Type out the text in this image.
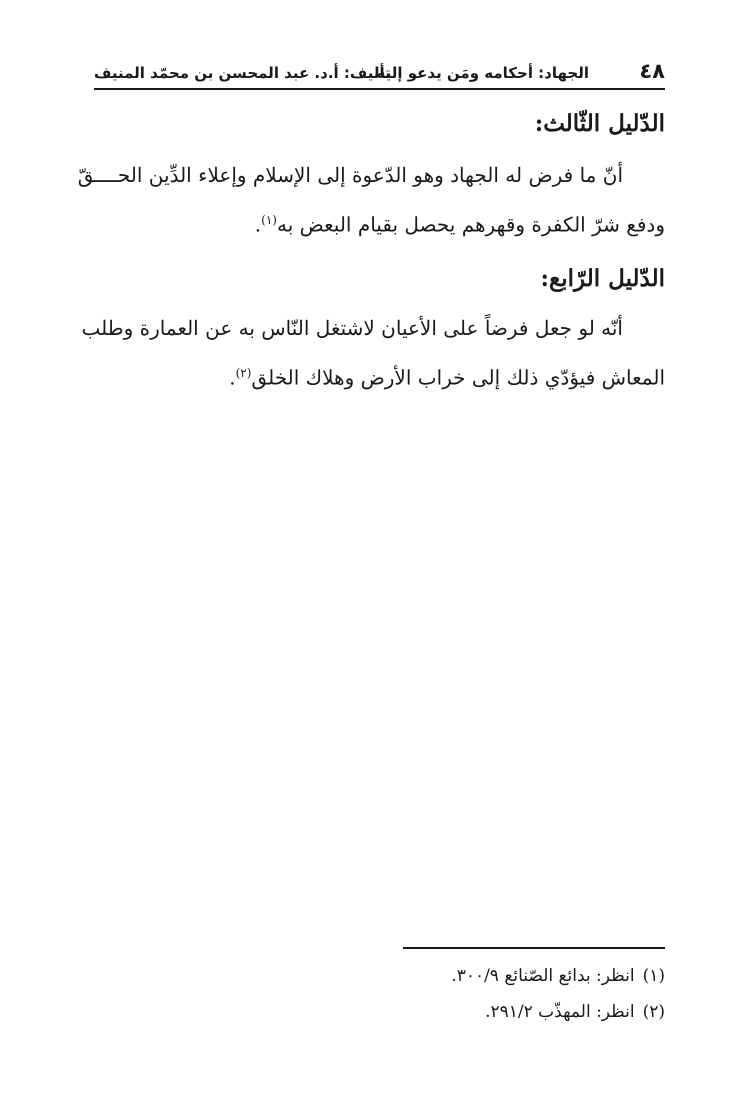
٤٨
الجهاد: أحكامه ومَن يدعو إليه
تأليف: أ.د. عبد المحسن بن محمّد المنيف
الدّليل الثّالث:
أنّ ما فرض له الجهاد وهو الدّعوة إلى الإسلام وإعلاء الدِّين الحــــقّ
ودفع شرّ الكفرة وقهرهم يحصل بقيام البعض به$^{(١)}$.
الدّليل الرّابع:
أنّه لو جعل فرضاً على الأعيان لاشتغل النّاس به عن العمارة وطلب
المعاش فيؤدّي ذلك إلى خراب الأرض وهلاك الخلق$^{(٢)}$.
(١)انظر: بدائع الصّنائع ٣٠٠/٩.
(٢)انظر: المهذّب ٢٩١/٢.
